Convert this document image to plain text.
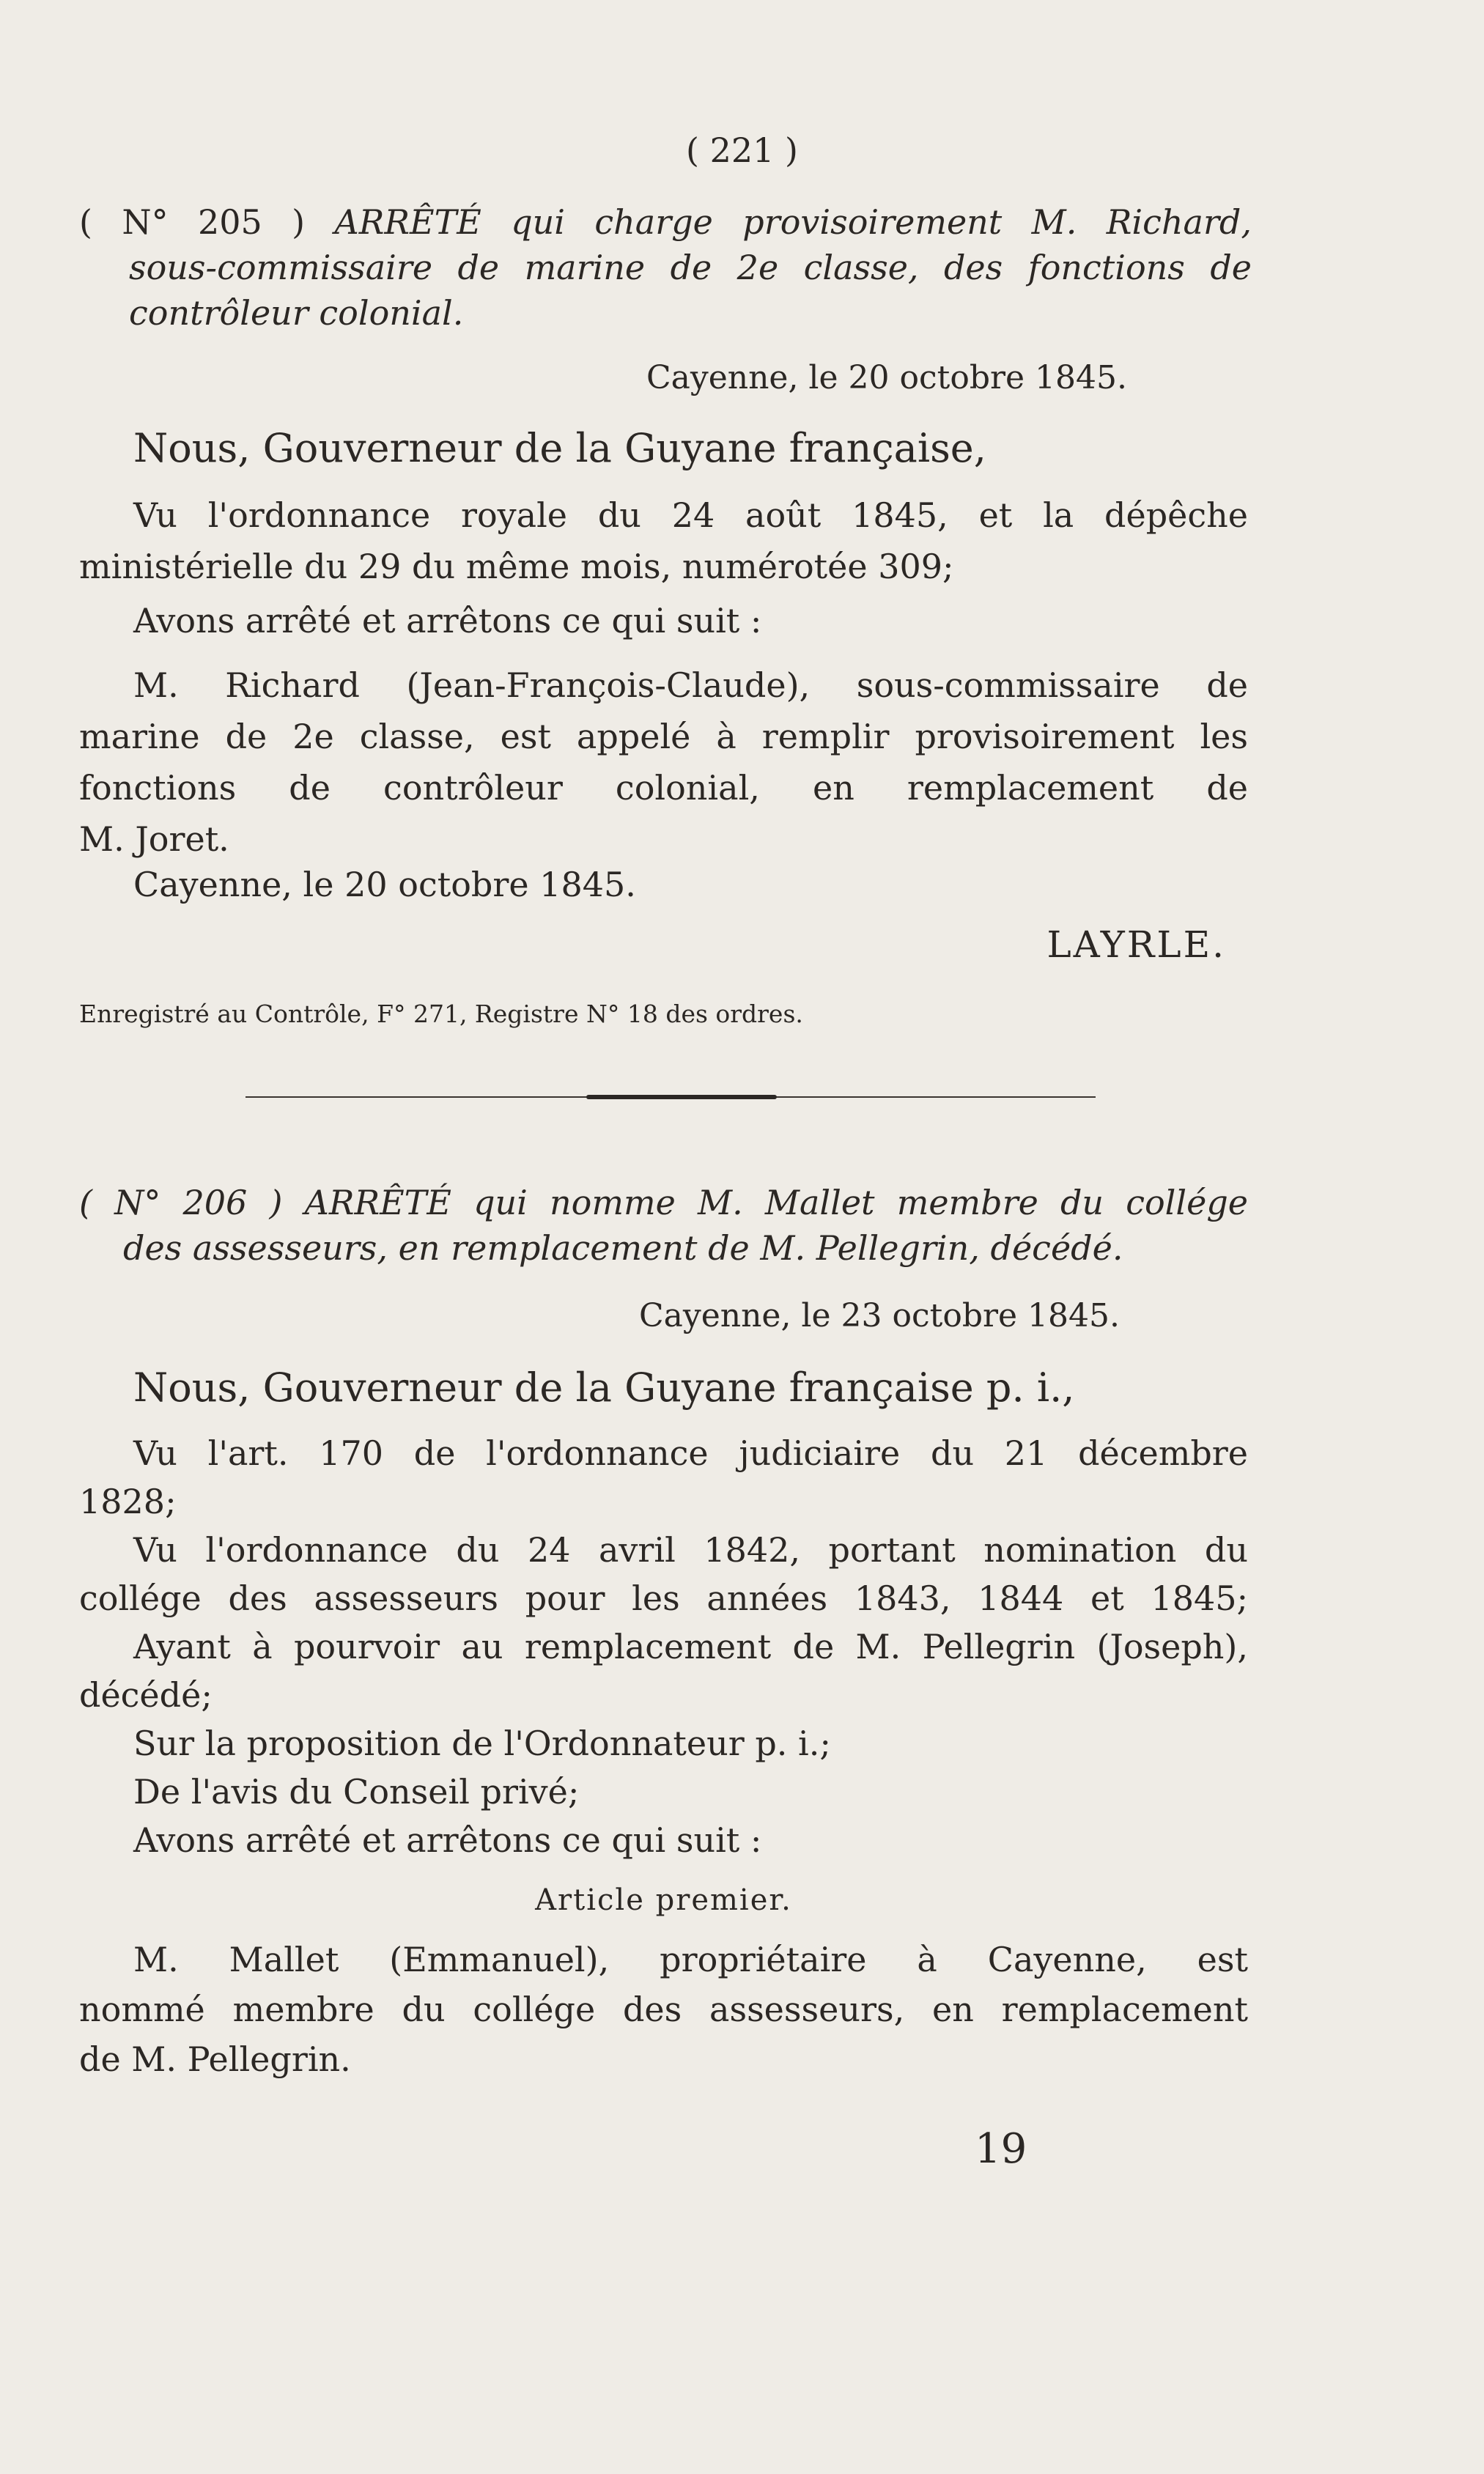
( 221 )
( N° 205 ) ARRÊTÉ qui charge provisoirement M. Richard,
sous-commissaire de marine de 2e classe, des fonctions de
contrôleur colonial.
Cayenne, le 20 octobre 1845.
Nous, Gouverneur de la Guyane française,
Vu l'ordonnance royale du 24 août 1845, et la dépêche
ministérielle du 29 du même mois, numérotée 309;
Avons arrêté et arrêtons ce qui suit :
M. Richard (Jean-François-Claude), sous-commissaire de
marine de 2e classe, est appelé à remplir provisoirement les
fonctions de contrôleur colonial, en remplacement de
M. Joret.
Cayenne, le 20 octobre 1845.
LAYRLE.
Enregistré au Contrôle, F° 271, Registre N° 18 des ordres.
( N° 206 ) ARRÊTÉ qui nomme M. Mallet membre du collége
des assesseurs, en remplacement de M. Pellegrin, décédé.
Cayenne, le 23 octobre 1845.
Nous, Gouverneur de la Guyane française p. i.,
Vu l'art. 170 de l'ordonnance judiciaire du 21 décembre
1828;
Vu l'ordonnance du 24 avril 1842, portant nomination du
collége des assesseurs pour les années 1843, 1844 et 1845;
Ayant à pourvoir au remplacement de M. Pellegrin (Joseph),
décédé;
Sur la proposition de l'Ordonnateur p. i.;
De l'avis du Conseil privé;
Avons arrêté et arrêtons ce qui suit :
Article premier.
M. Mallet (Emmanuel), propriétaire à Cayenne, est
nommé membre du collége des assesseurs, en remplacement
de M. Pellegrin.
19
